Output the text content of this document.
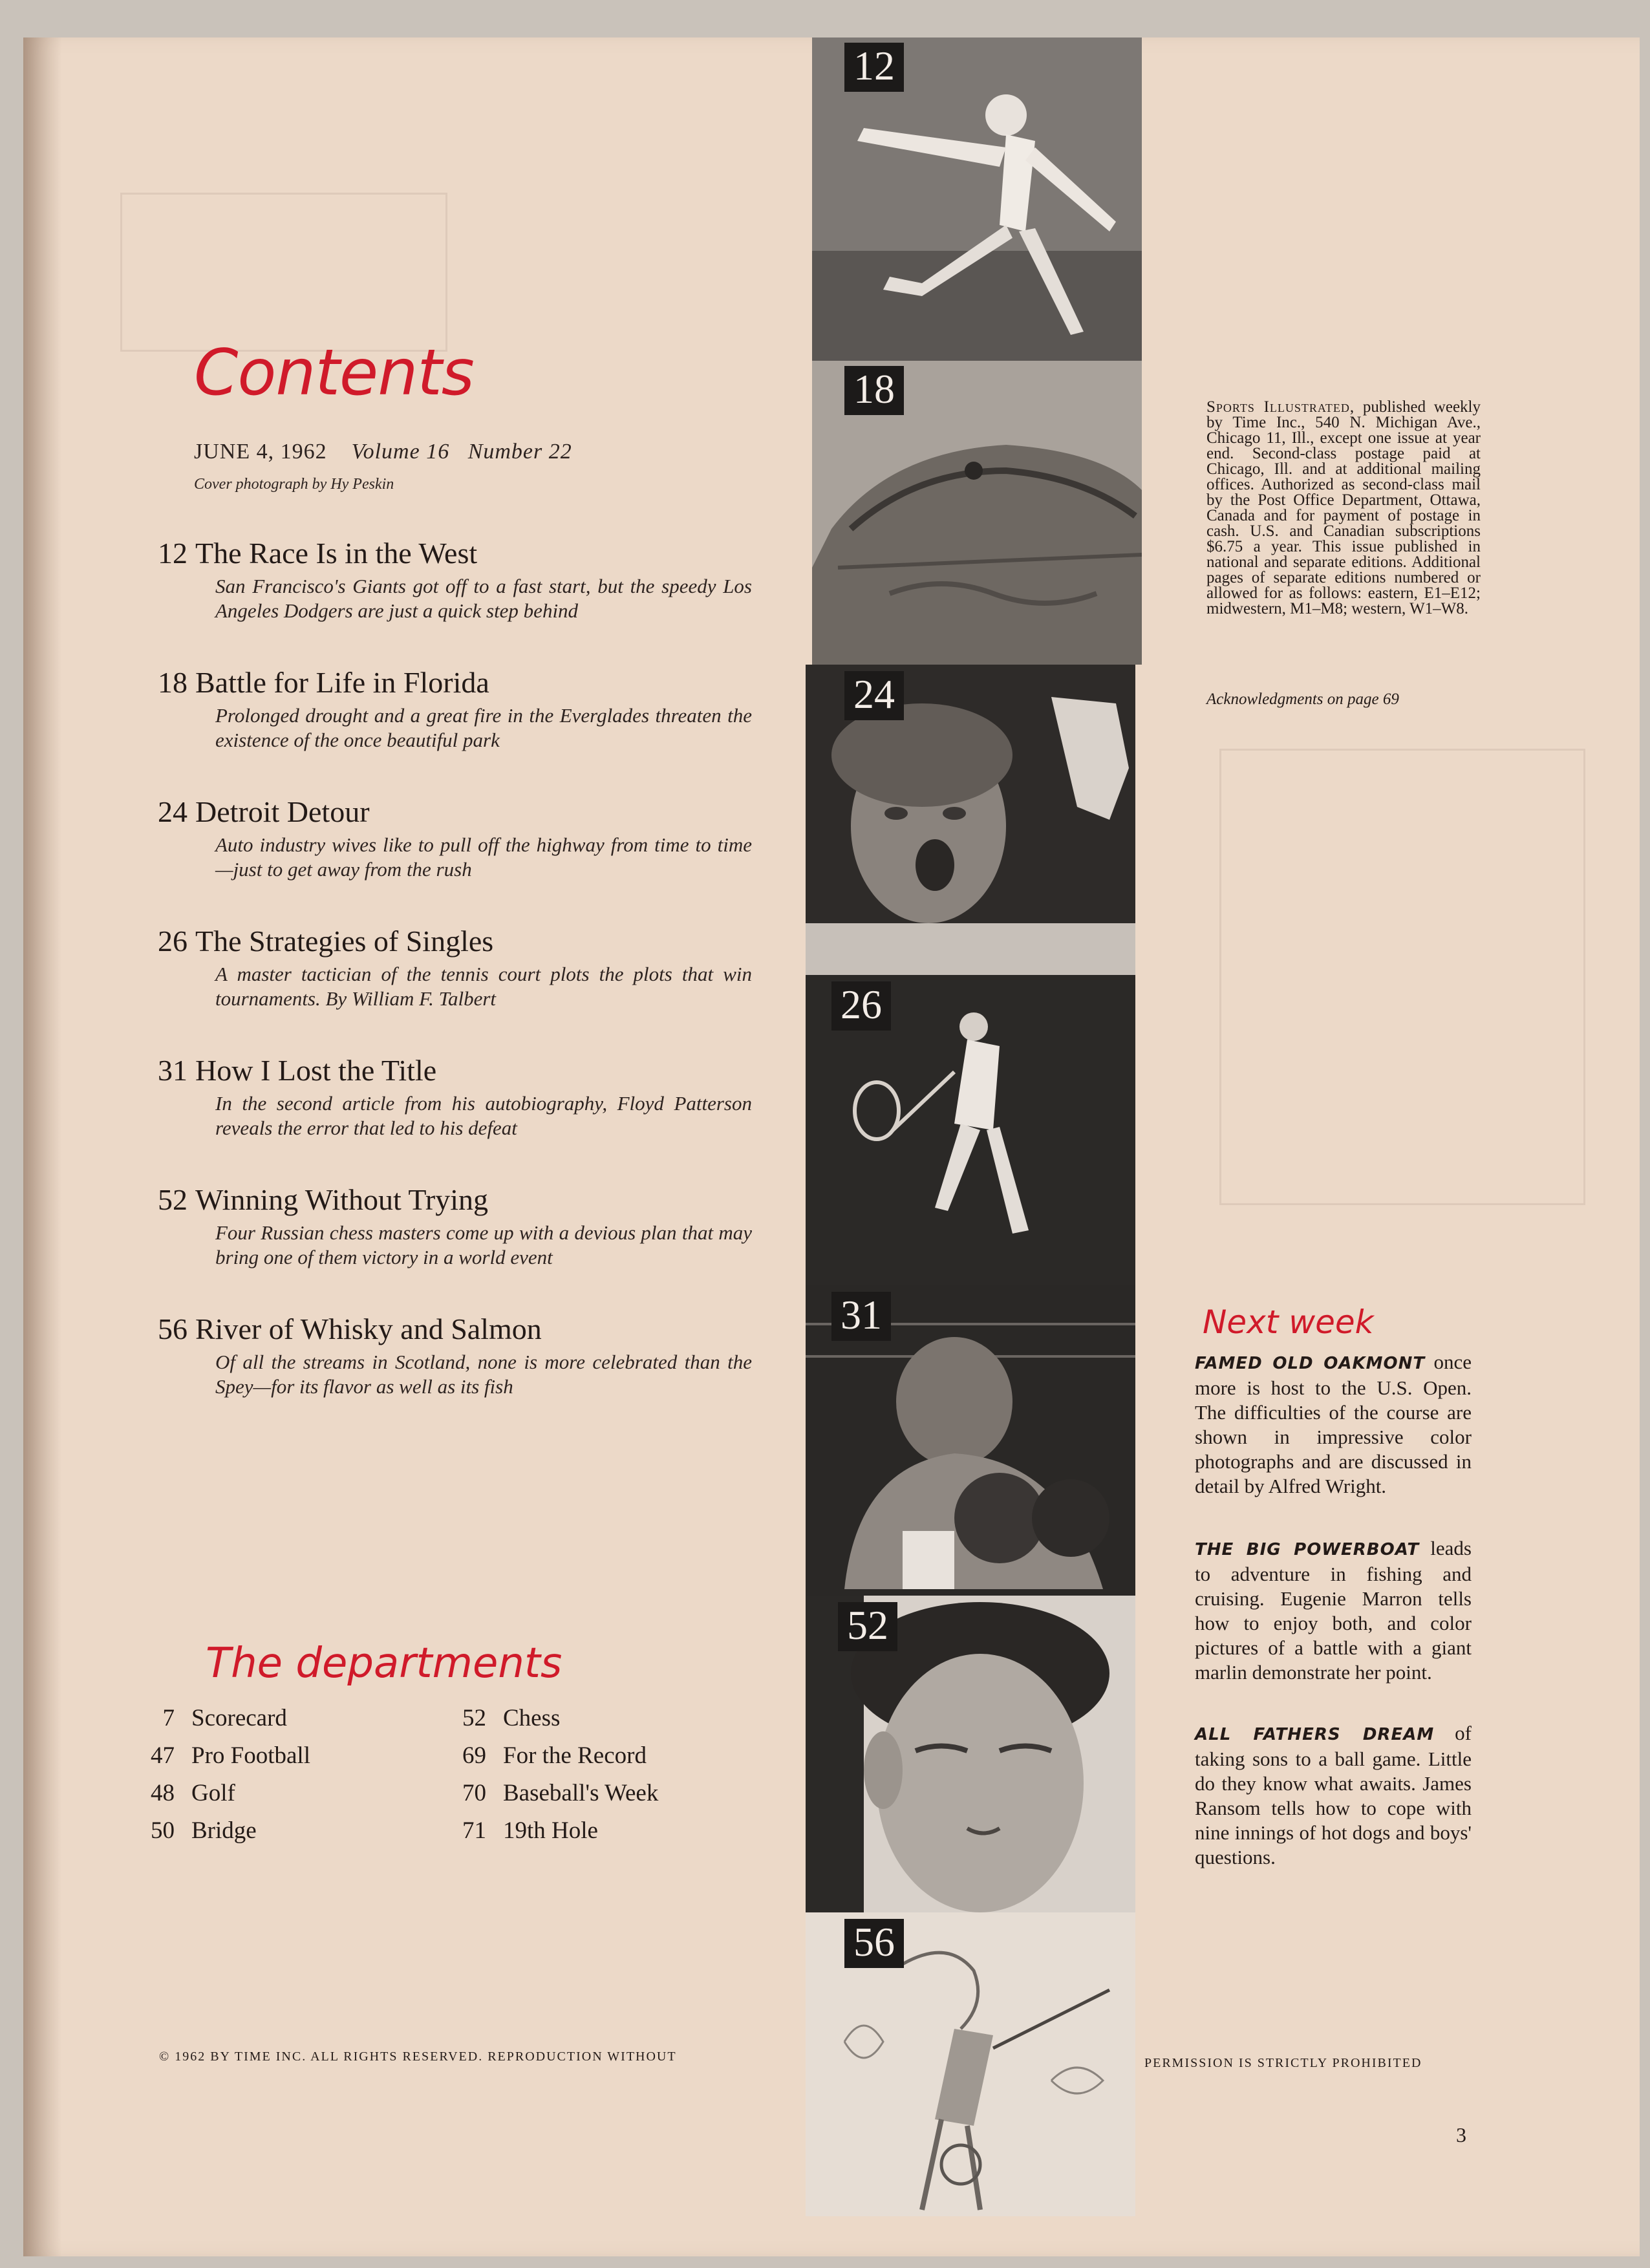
Contents
JUNE 4, 1962 Volume 16 Number 22
Cover photograph by Hy Peskin
12 The Race Is in the West
San Francisco's Giants got off to a fast start, but the speedy Los Angeles Dodgers are just a quick step behind
18 Battle for Life in Florida
Prolonged drought and a great fire in the Everglades threaten the existence of the once beautiful park
24 Detroit Detour
Auto industry wives like to pull off the highway from time to time—just to get away from the rush
26 The Strategies of Singles
A master tactician of the tennis court plots the plots that win tournaments. By William F. Talbert
31 How I Lost the Title
In the second article from his autobiography, Floyd Patterson reveals the error that led to his defeat
52 Winning Without Trying
Four Russian chess masters come up with a devious plan that may bring one of them victory in a world event
56 River of Whisky and Salmon
Of all the streams in Scotland, none is more celebrated than the Spey—for its flavor as well as its fish
The departments
7 Scorecard
47 Pro Football
48 Golf
50 Bridge
52 Chess
69 For the Record
70 Baseball's Week
71 19th Hole
© 1962 BY TIME INC. ALL RIGHTS RESERVED. REPRODUCTION WITHOUT	PERMISSION IS STRICTLY PROHIBITED
3
12
18
24
26
31
52
56
Sports Illustrated, published weekly by Time Inc., 540 N. Michigan Ave., Chicago 11, Ill., except one issue at year end. Second-class postage paid at Chicago, Ill. and at additional mailing offices. Authorized as second-class mail by the Post Office Department, Ottawa, Canada and for payment of postage in cash. U.S. and Canadian subscriptions $6.75 a year. This issue published in national and separate editions. Additional pages of separate editions numbered or allowed for as follows: eastern, E1–E12; midwestern, M1–M8; western, W1–W8.
Acknowledgments on page 69
Next week
FAMED OLD OAKMONT once more is host to the U.S. Open. The difficulties of the course are shown in impressive color photographs and are discussed in detail by Alfred Wright.
THE BIG POWERBOAT leads to adventure in fishing and cruising. Eugenie Marron tells how to enjoy both, and color pictures of a battle with a giant marlin demonstrate her point.
ALL FATHERS DREAM of taking sons to a ball game. Little do they know what awaits. James Ransom tells how to cope with nine innings of hot dogs and boys' questions.
